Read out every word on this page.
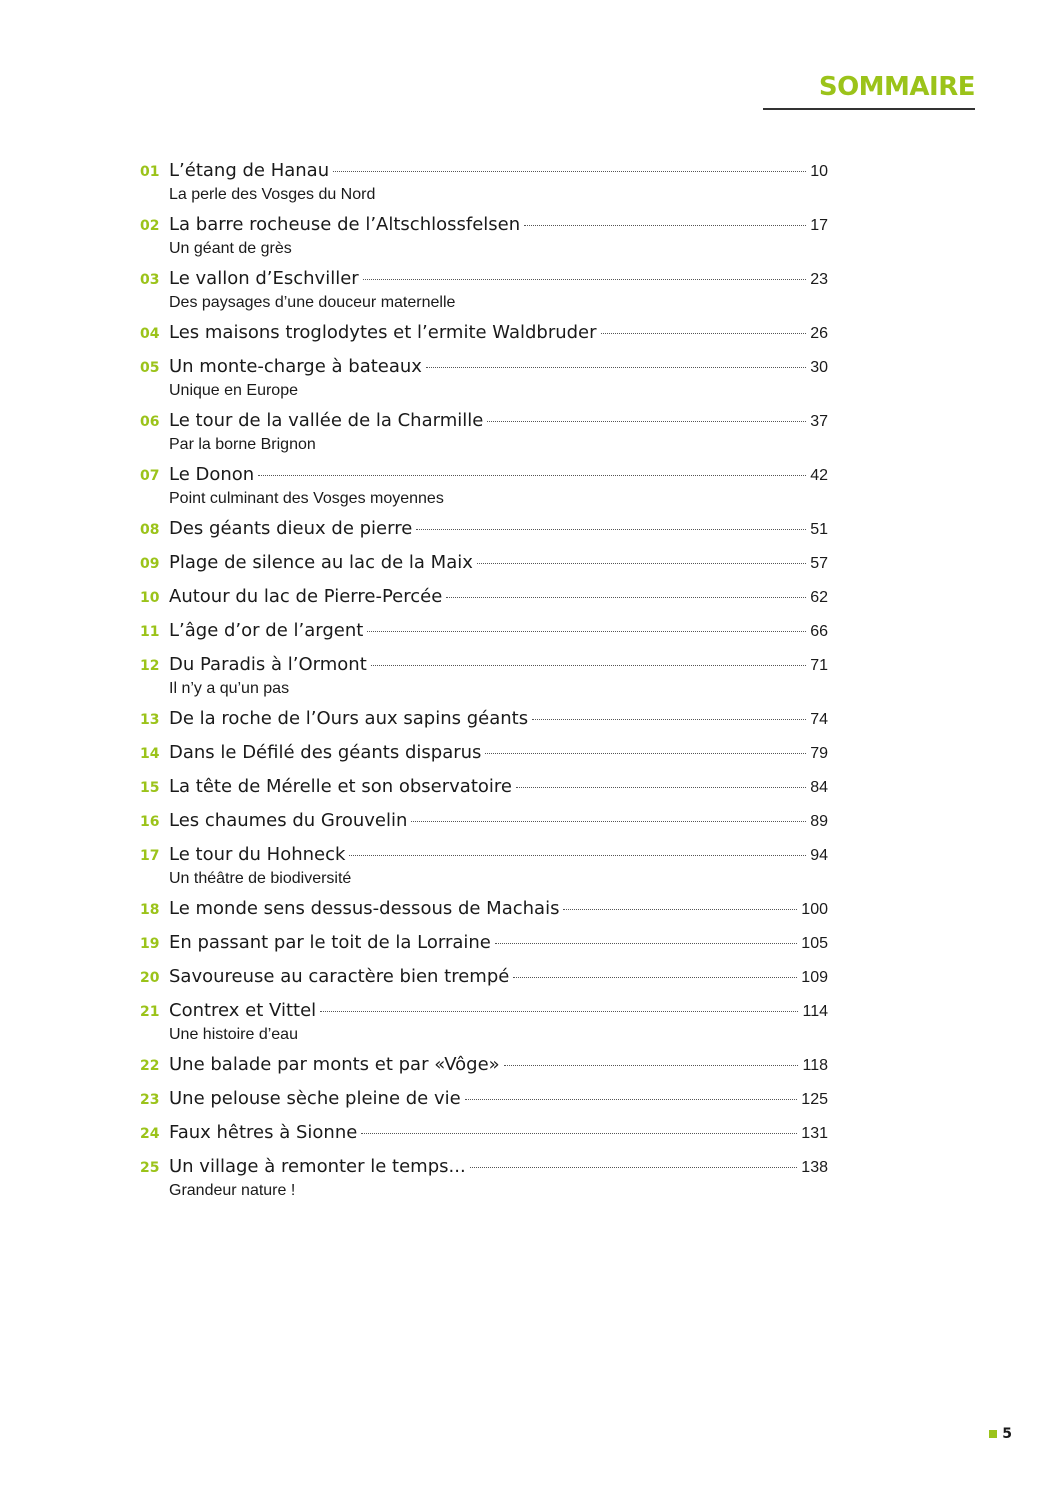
SOMMAIRE
01 L’étang de Hanau	10
La perle des Vosges du Nord
02 La barre rocheuse de l’Altschlossfelsen	17
Un géant de grès
03 Le vallon d’Eschviller	23
Des paysages d’une douceur maternelle
04 Les maisons troglodytes et l’ermite Waldbruder	26
05 Un monte-charge à bateaux	30
Unique en Europe
06 Le tour de la vallée de la Charmille	37
Par la borne Brignon
07 Le Donon	42
Point culminant des Vosges moyennes
08 Des géants dieux de pierre	51
09 Plage de silence au lac de la Maix	57
10 Autour du lac de Pierre-Percée	62
11 L’âge d’or de l’argent	66
12 Du Paradis à l’Ormont	71
Il n’y a qu’un pas
13 De la roche de l’Ours aux sapins géants	74
14 Dans le Défilé des géants disparus	79
15 La tête de Mérelle et son observatoire	84
16 Les chaumes du Grouvelin	89
17 Le tour du Hohneck	94
Un théâtre de biodiversité
18 Le monde sens dessus-dessous de Machais	100
19 En passant par le toit de la Lorraine	105
20 Savoureuse au caractère bien trempé	109
21 Contrex et Vittel	114
Une histoire d’eau
22 Une balade par monts et par «Vôge»	118
23 Une pelouse sèche pleine de vie	125
24 Faux hêtres à Sionne	131
25 Un village à remonter le temps...	138
Grandeur nature !
5
